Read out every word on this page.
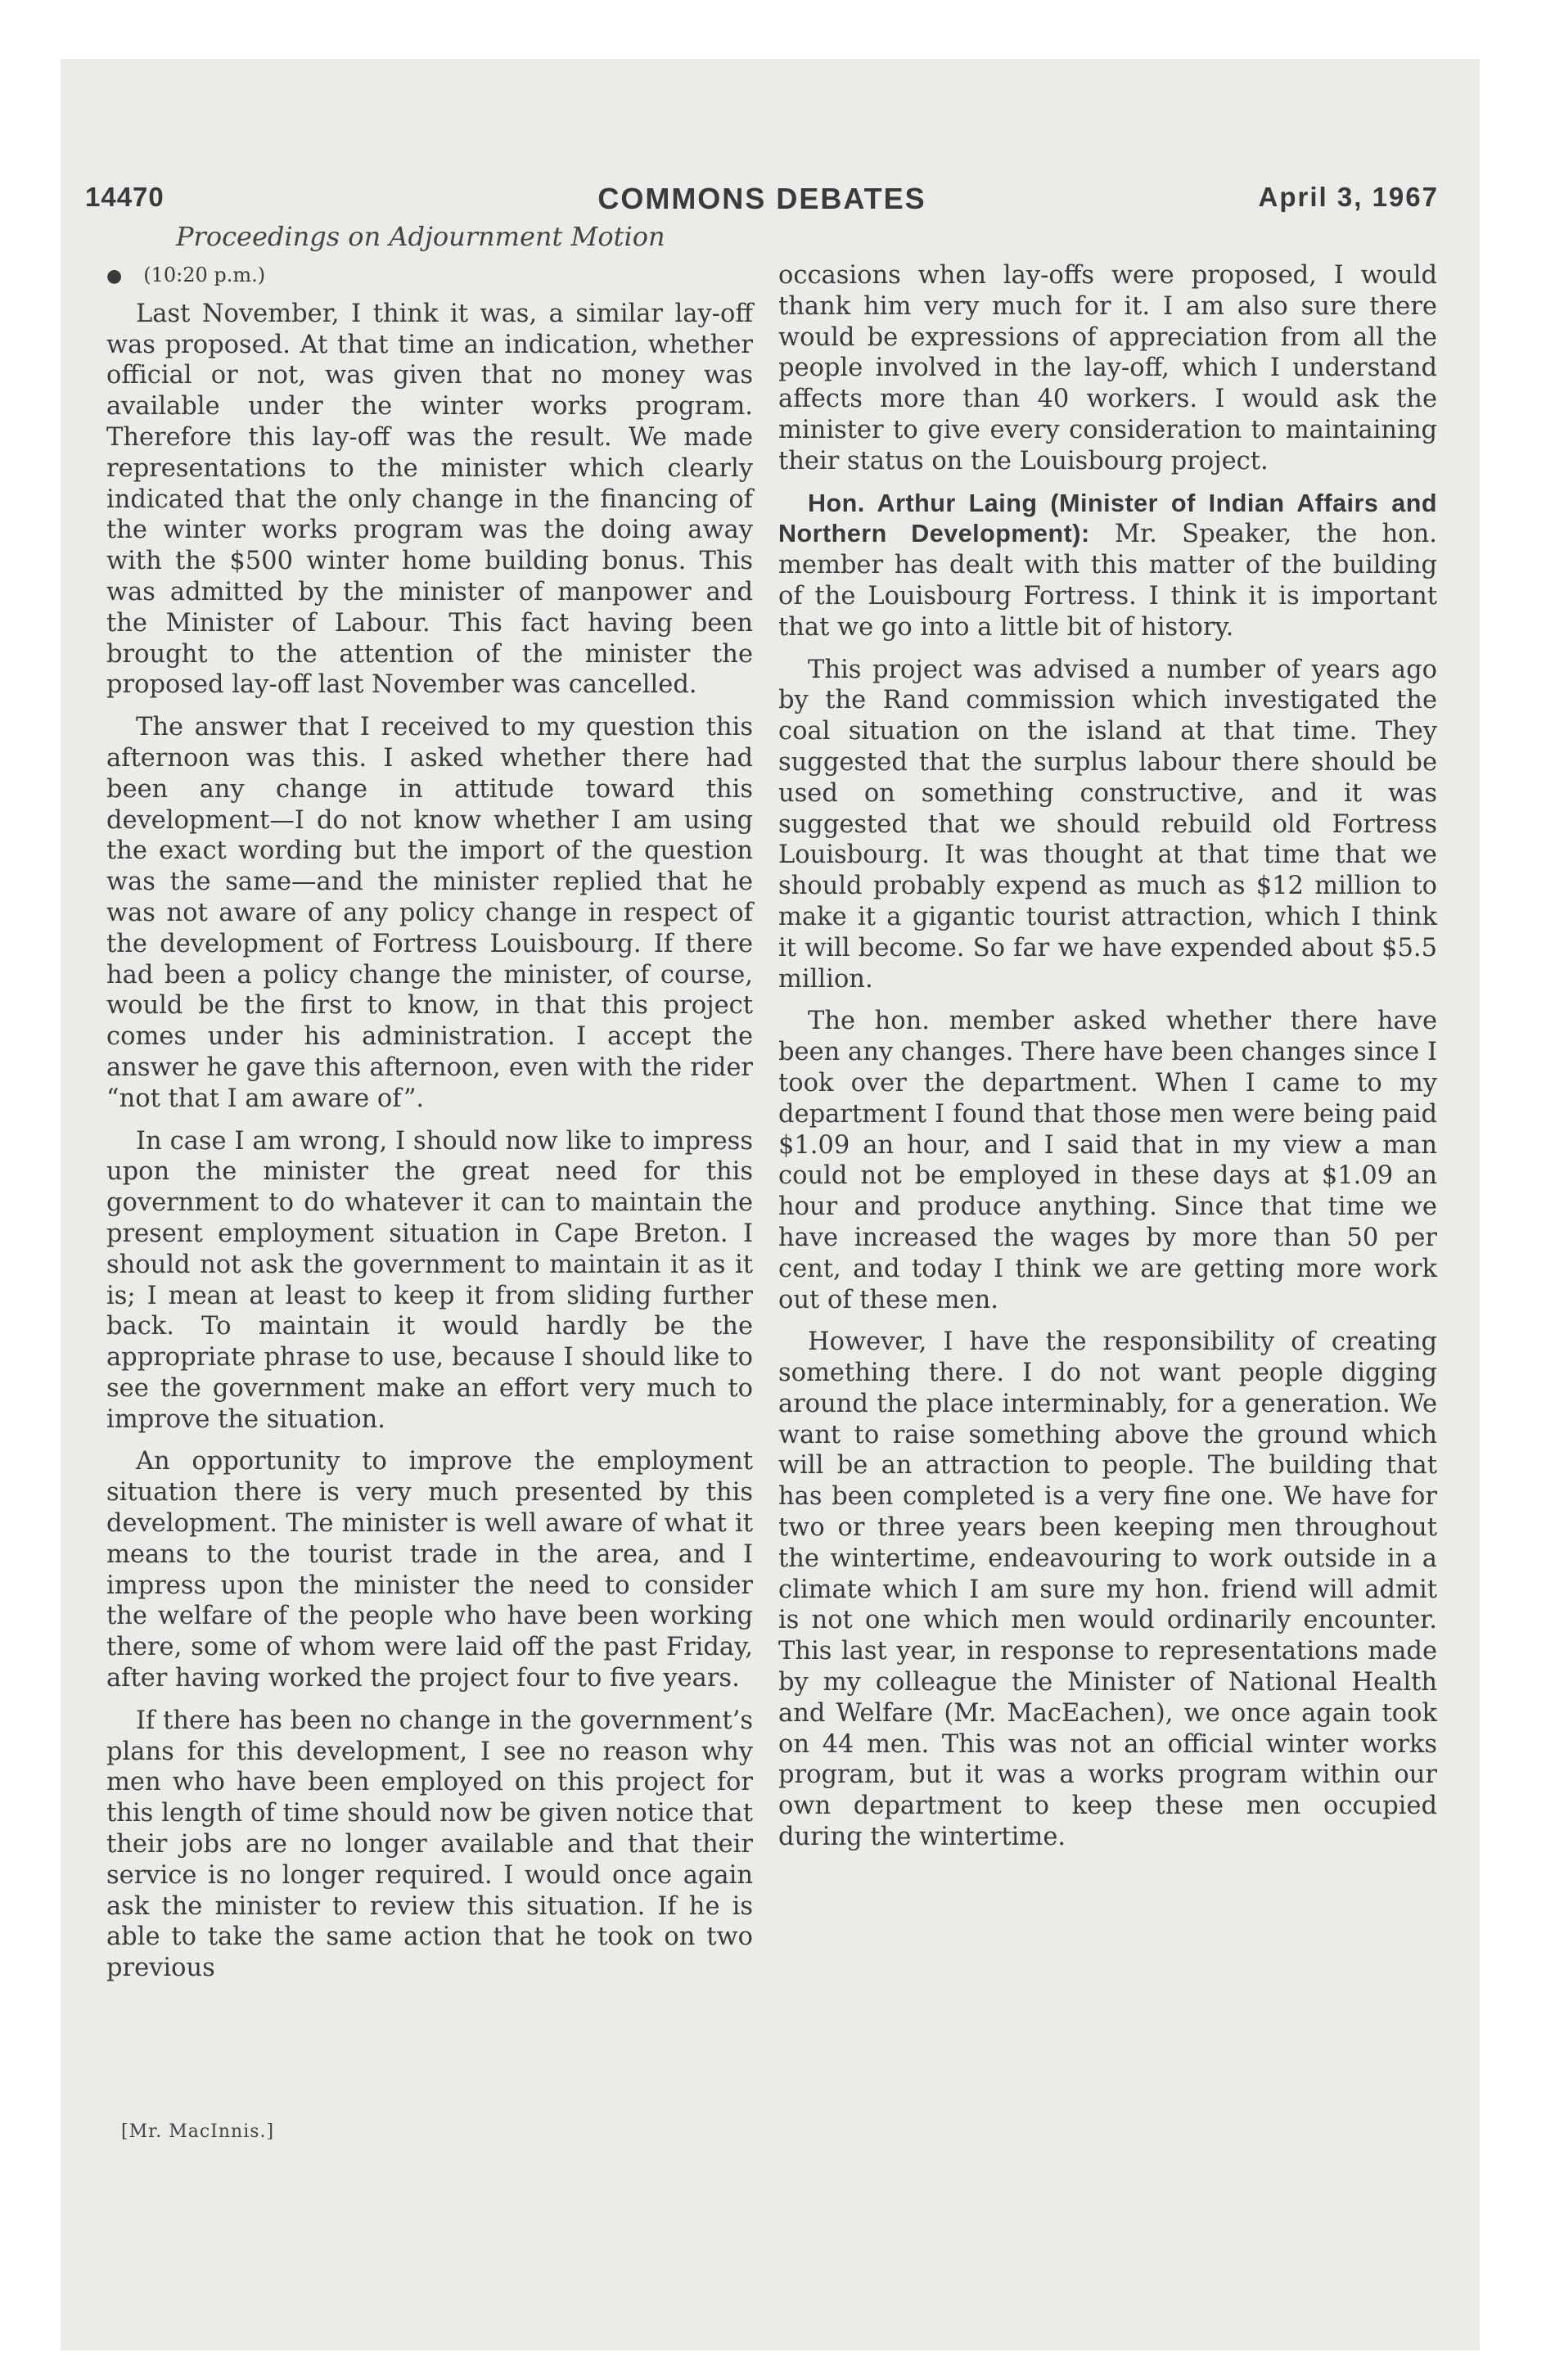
14470	COMMONS DEBATES	April 3, 1967
Proceedings on Adjournment Motion
● (10:20 p.m.)

Last November, I think it was, a similar lay-off was proposed. At that time an indication, whether official or not, was given that no money was available under the winter works program. Therefore this lay-off was the result. We made representations to the minister which clearly indicated that the only change in the financing of the winter works program was the doing away with the $500 winter home building bonus. This was admitted by the minister of manpower and the Minister of Labour. This fact having been brought to the attention of the minister the proposed lay-off last November was cancelled.

The answer that I received to my question this afternoon was this. I asked whether there had been any change in attitude toward this development—I do not know whether I am using the exact wording but the import of the question was the same—and the minister replied that he was not aware of any policy change in respect of the development of Fortress Louisbourg. If there had been a policy change the minister, of course, would be the first to know, in that this project comes under his administration. I accept the answer he gave this afternoon, even with the rider “not that I am aware of”.

In case I am wrong, I should now like to impress upon the minister the great need for this government to do whatever it can to maintain the present employment situation in Cape Breton. I should not ask the government to maintain it as it is; I mean at least to keep it from sliding further back. To maintain it would hardly be the appropriate phrase to use, because I should like to see the government make an effort very much to improve the situation.

An opportunity to improve the employment situation there is very much presented by this development. The minister is well aware of what it means to the tourist trade in the area, and I impress upon the minister the need to consider the welfare of the people who have been working there, some of whom were laid off the past Friday, after having worked the project four to five years.

If there has been no change in the government’s plans for this development, I see no reason why men who have been employed on this project for this length of time should now be given notice that their jobs are no longer available and that their service is no longer required. I would once again ask the minister to review this situation. If he is able to take the same action that he took on two previous

[Mr. MacInnis.]

occasions when lay-offs were proposed, I would thank him very much for it. I am also sure there would be expressions of appreciation from all the people involved in the lay-off, which I understand affects more than 40 workers. I would ask the minister to give every consideration to maintaining their status on the Louisbourg project.

Hon. Arthur Laing (Minister of Indian Affairs and Northern Development): Mr. Speaker, the hon. member has dealt with this matter of the building of the Louisbourg Fortress. I think it is important that we go into a little bit of history.

This project was advised a number of years ago by the Rand commission which investigated the coal situation on the island at that time. They suggested that the surplus labour there should be used on something constructive, and it was suggested that we should rebuild old Fortress Louisbourg. It was thought at that time that we should probably expend as much as $12 million to make it a gigantic tourist attraction, which I think it will become. So far we have expended about $5.5 million.

The hon. member asked whether there have been any changes. There have been changes since I took over the department. When I came to my department I found that those men were being paid $1.09 an hour, and I said that in my view a man could not be employed in these days at $1.09 an hour and produce anything. Since that time we have increased the wages by more than 50 per cent, and today I think we are getting more work out of these men.

However, I have the responsibility of creating something there. I do not want people digging around the place interminably, for a generation. We want to raise something above the ground which will be an attraction to people. The building that has been completed is a very fine one. We have for two or three years been keeping men throughout the wintertime, endeavouring to work outside in a climate which I am sure my hon. friend will admit is not one which men would ordinarily encounter. This last year, in response to representations made by my colleague the Minister of National Health and Welfare (Mr. MacEachen), we once again took on 44 men. This was not an official winter works program, but it was a works program within our own department to keep these men occupied during the wintertime.
